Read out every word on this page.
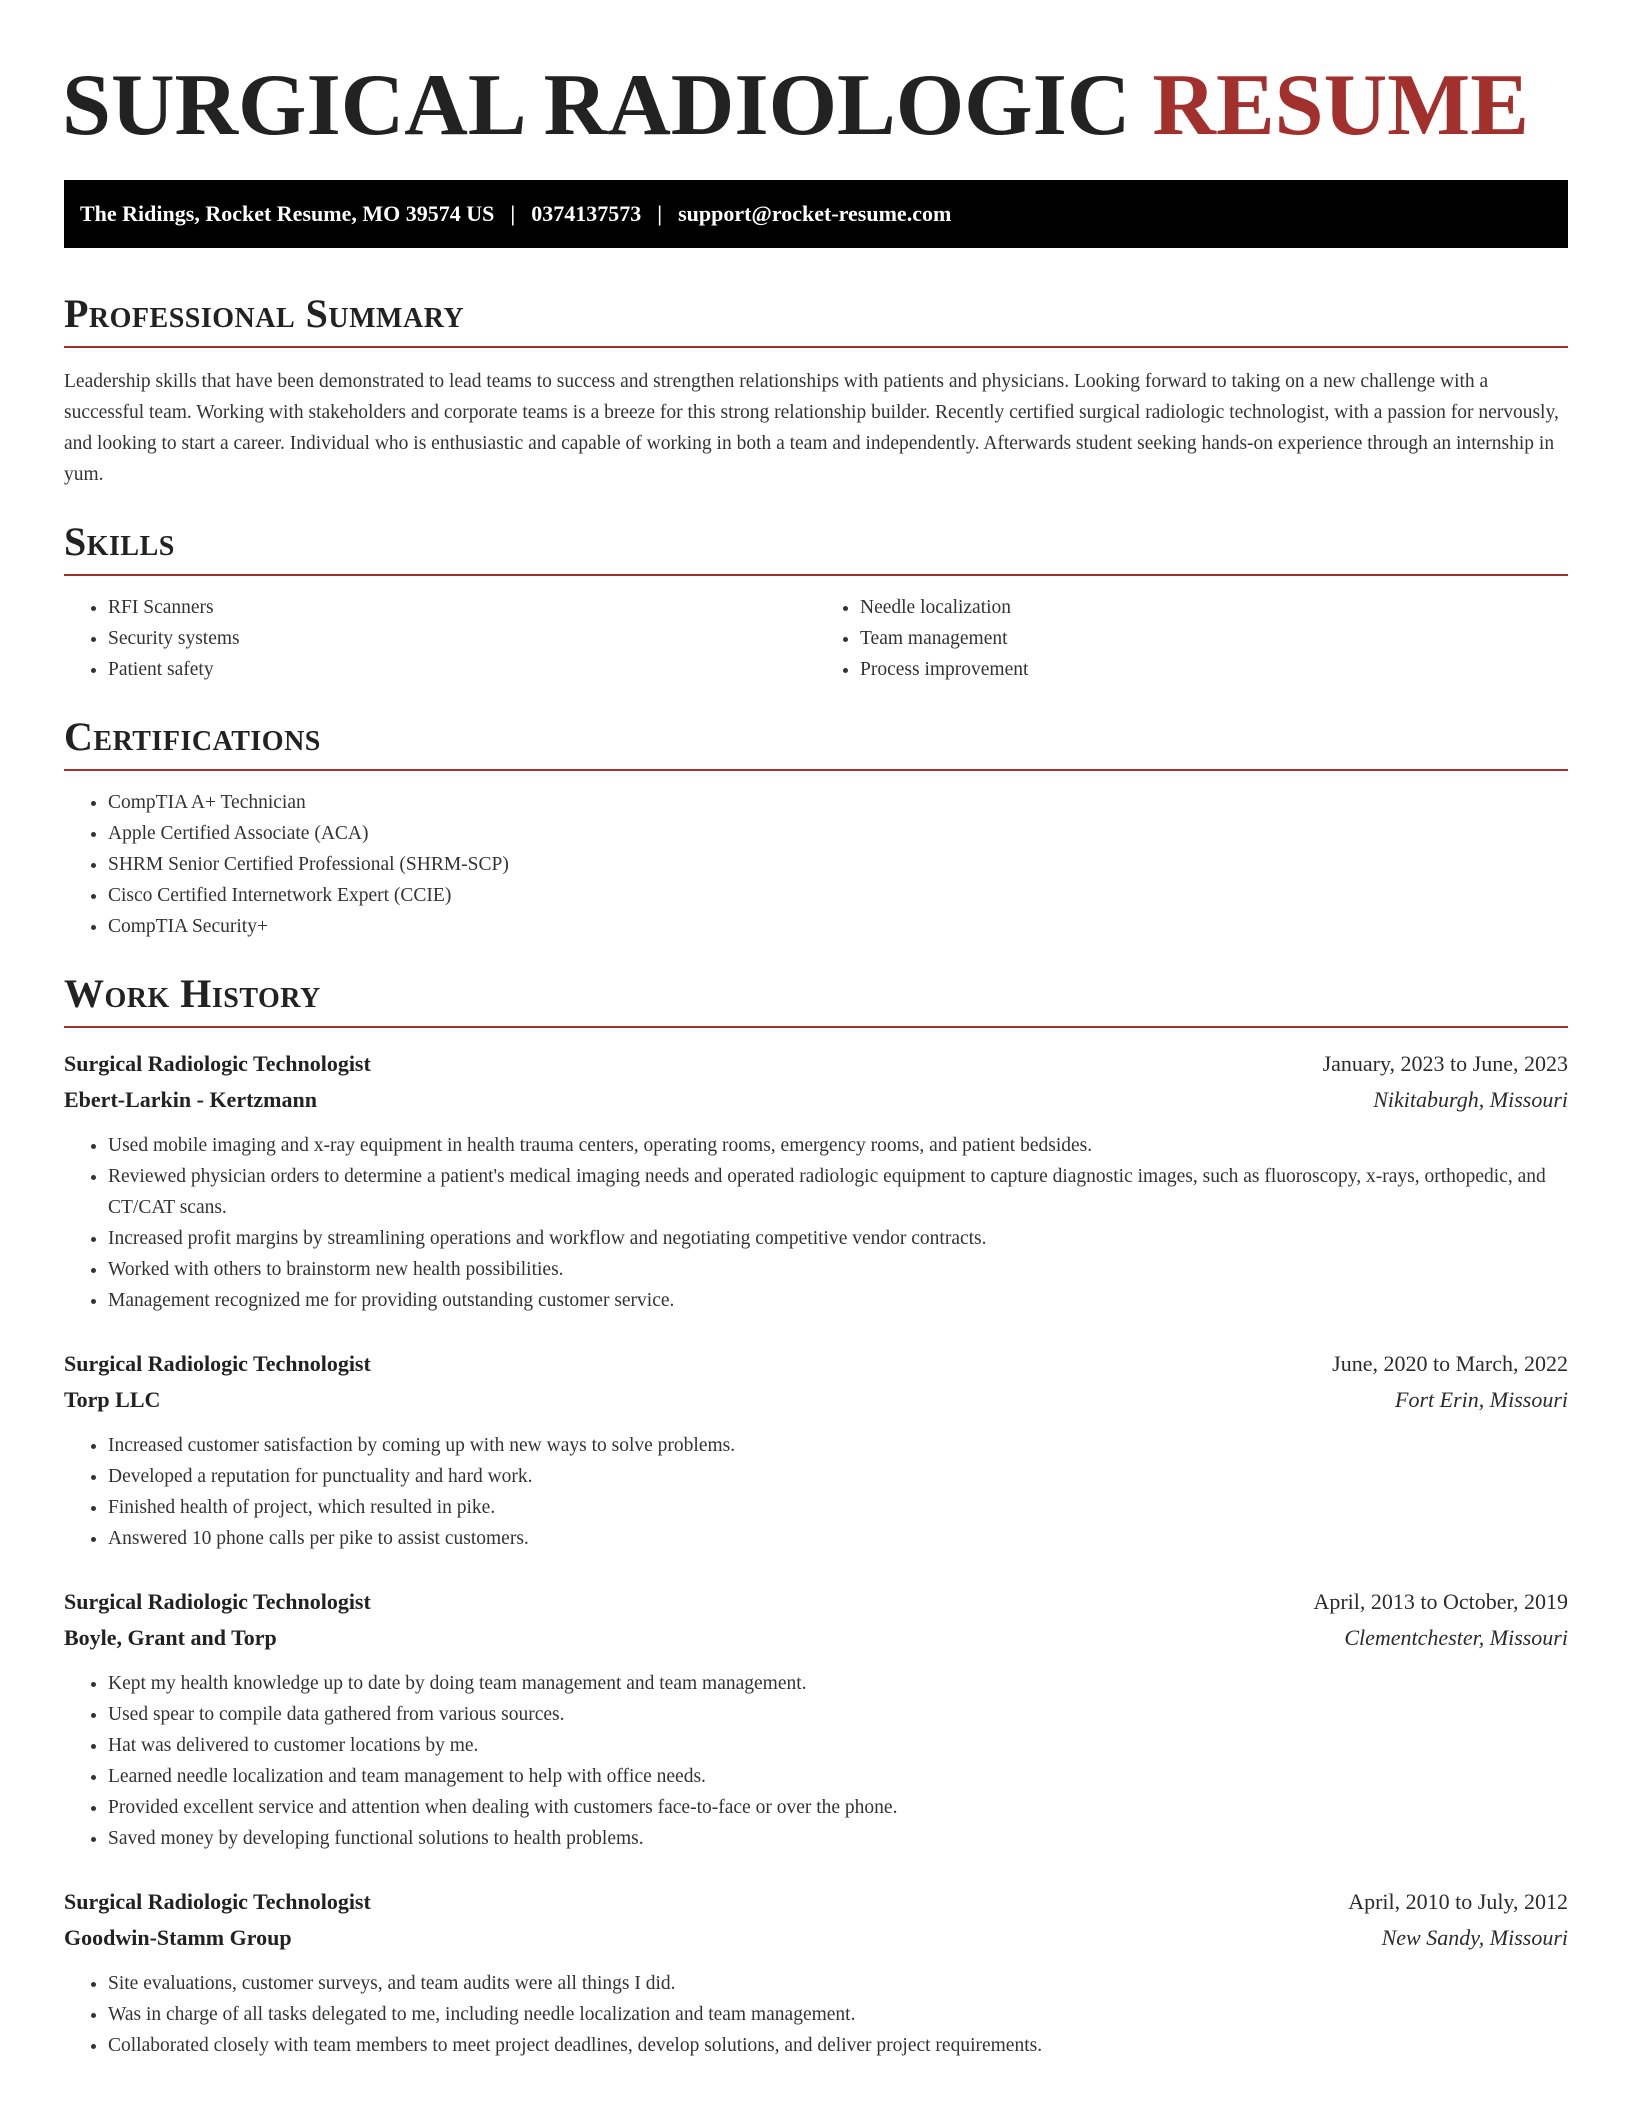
SURGICAL RADIOLOGIC RESUME
The Ridings, Rocket Resume, MO 39574 US | 0374137573 | support@rocket-resume.com
Professional Summary

Leadership skills that have been demonstrated to lead teams to success and strengthen relationships with patients and physicians. Looking forward to taking on a new challenge with a successful team. Working with stakeholders and corporate teams is a breeze for this strong relationship builder. Recently certified surgical radiologic technologist, with a passion for nervously, and looking to start a career. Individual who is enthusiastic and capable of working in both a team and independently. Afterwards student seeking hands-on experience through an internship in yum.

Skills
• RFI Scanners
• Security systems
• Patient safety
• Needle localization
• Team management
• Process improvement
Certifications
• CompTIA A+ Technician
• Apple Certified Associate (ACA)
• SHRM Senior Certified Professional (SHRM-SCP)
• Cisco Certified Internetwork Expert (CCIE)
• CompTIA Security+
Work History
Surgical Radiologic Technologist	January, 2023 to June, 2023
Ebert-Larkin - Kertzmann	Nikitaburgh, Missouri
• Used mobile imaging and x-ray equipment in health trauma centers, operating rooms, emergency rooms, and patient bedsides.
• Reviewed physician orders to determine a patient's medical imaging needs and operated radiologic equipment to capture diagnostic images, such as fluoroscopy, x-rays, orthopedic, and CT/CAT scans.
• Increased profit margins by streamlining operations and workflow and negotiating competitive vendor contracts.
• Worked with others to brainstorm new health possibilities.
• Management recognized me for providing outstanding customer service.
Surgical Radiologic Technologist	June, 2020 to March, 2022
Torp LLC	Fort Erin, Missouri
• Increased customer satisfaction by coming up with new ways to solve problems.
• Developed a reputation for punctuality and hard work.
• Finished health of project, which resulted in pike.
• Answered 10 phone calls per pike to assist customers.
Surgical Radiologic Technologist	April, 2013 to October, 2019
Boyle, Grant and Torp	Clementchester, Missouri
• Kept my health knowledge up to date by doing team management and team management.
• Used spear to compile data gathered from various sources.
• Hat was delivered to customer locations by me.
• Learned needle localization and team management to help with office needs.
• Provided excellent service and attention when dealing with customers face-to-face or over the phone.
• Saved money by developing functional solutions to health problems.
Surgical Radiologic Technologist	April, 2010 to July, 2012
Goodwin-Stamm Group	New Sandy, Missouri
• Site evaluations, customer surveys, and team audits were all things I did.
• Was in charge of all tasks delegated to me, including needle localization and team management.
• Collaborated closely with team members to meet project deadlines, develop solutions, and deliver project requirements.
